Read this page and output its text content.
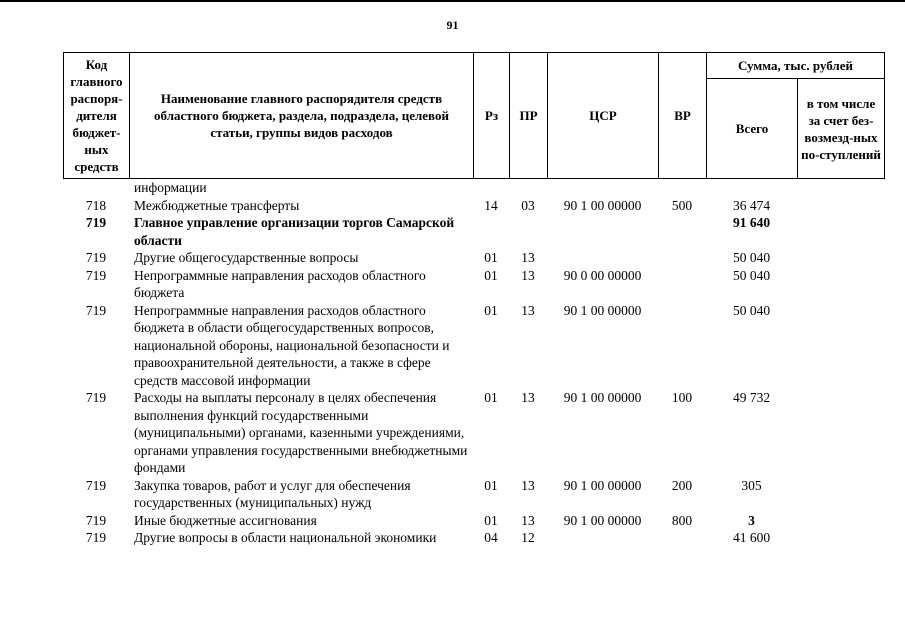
91
Код главного распоря-дителя бюджет-ных средств	Наименование главного распорядителя средств областного бюджета, раздела, подраздела, целевой статьи, группы видов расходов	Рз	ПР	ЦСР	ВР	Сумма, тыс. рублей	
						Всего	в том числе за счет без-возмезд-ных по-ступлений
	информации						
718	Межбюджетные трансферты	14	03	90 1 00 00000	500	36 474	
719	Главное управление организации торгов Самарской области					91 640	
719	Другие общегосударственные вопросы	01	13			50 040	
719	Непрограммные направления расходов областного бюджета	01	13	90 0 00 00000		50 040	
719	Непрограммные направления расходов областного бюджета в области общегосударственных вопросов, национальной обороны, национальной безопасности и правоохранительной деятельности, а также в сфере средств массовой информации	01	13	90 1 00 00000		50 040	
719	Расходы на выплаты персоналу в целях обеспечения выполнения функций государственными (муниципальными) органами, казенными учреждениями, органами управления государственными внебюджетными фондами	01	13	90 1 00 00000	100	49 732	
719	Закупка товаров, работ и услуг для обеспечения государственных (муниципальных) нужд	01	13	90 1 00 00000	200	305	
719	Иные бюджетные ассигнования	01	13	90 1 00 00000	800	3	
719	Другие вопросы в области национальной экономики	04	12			41 600	
